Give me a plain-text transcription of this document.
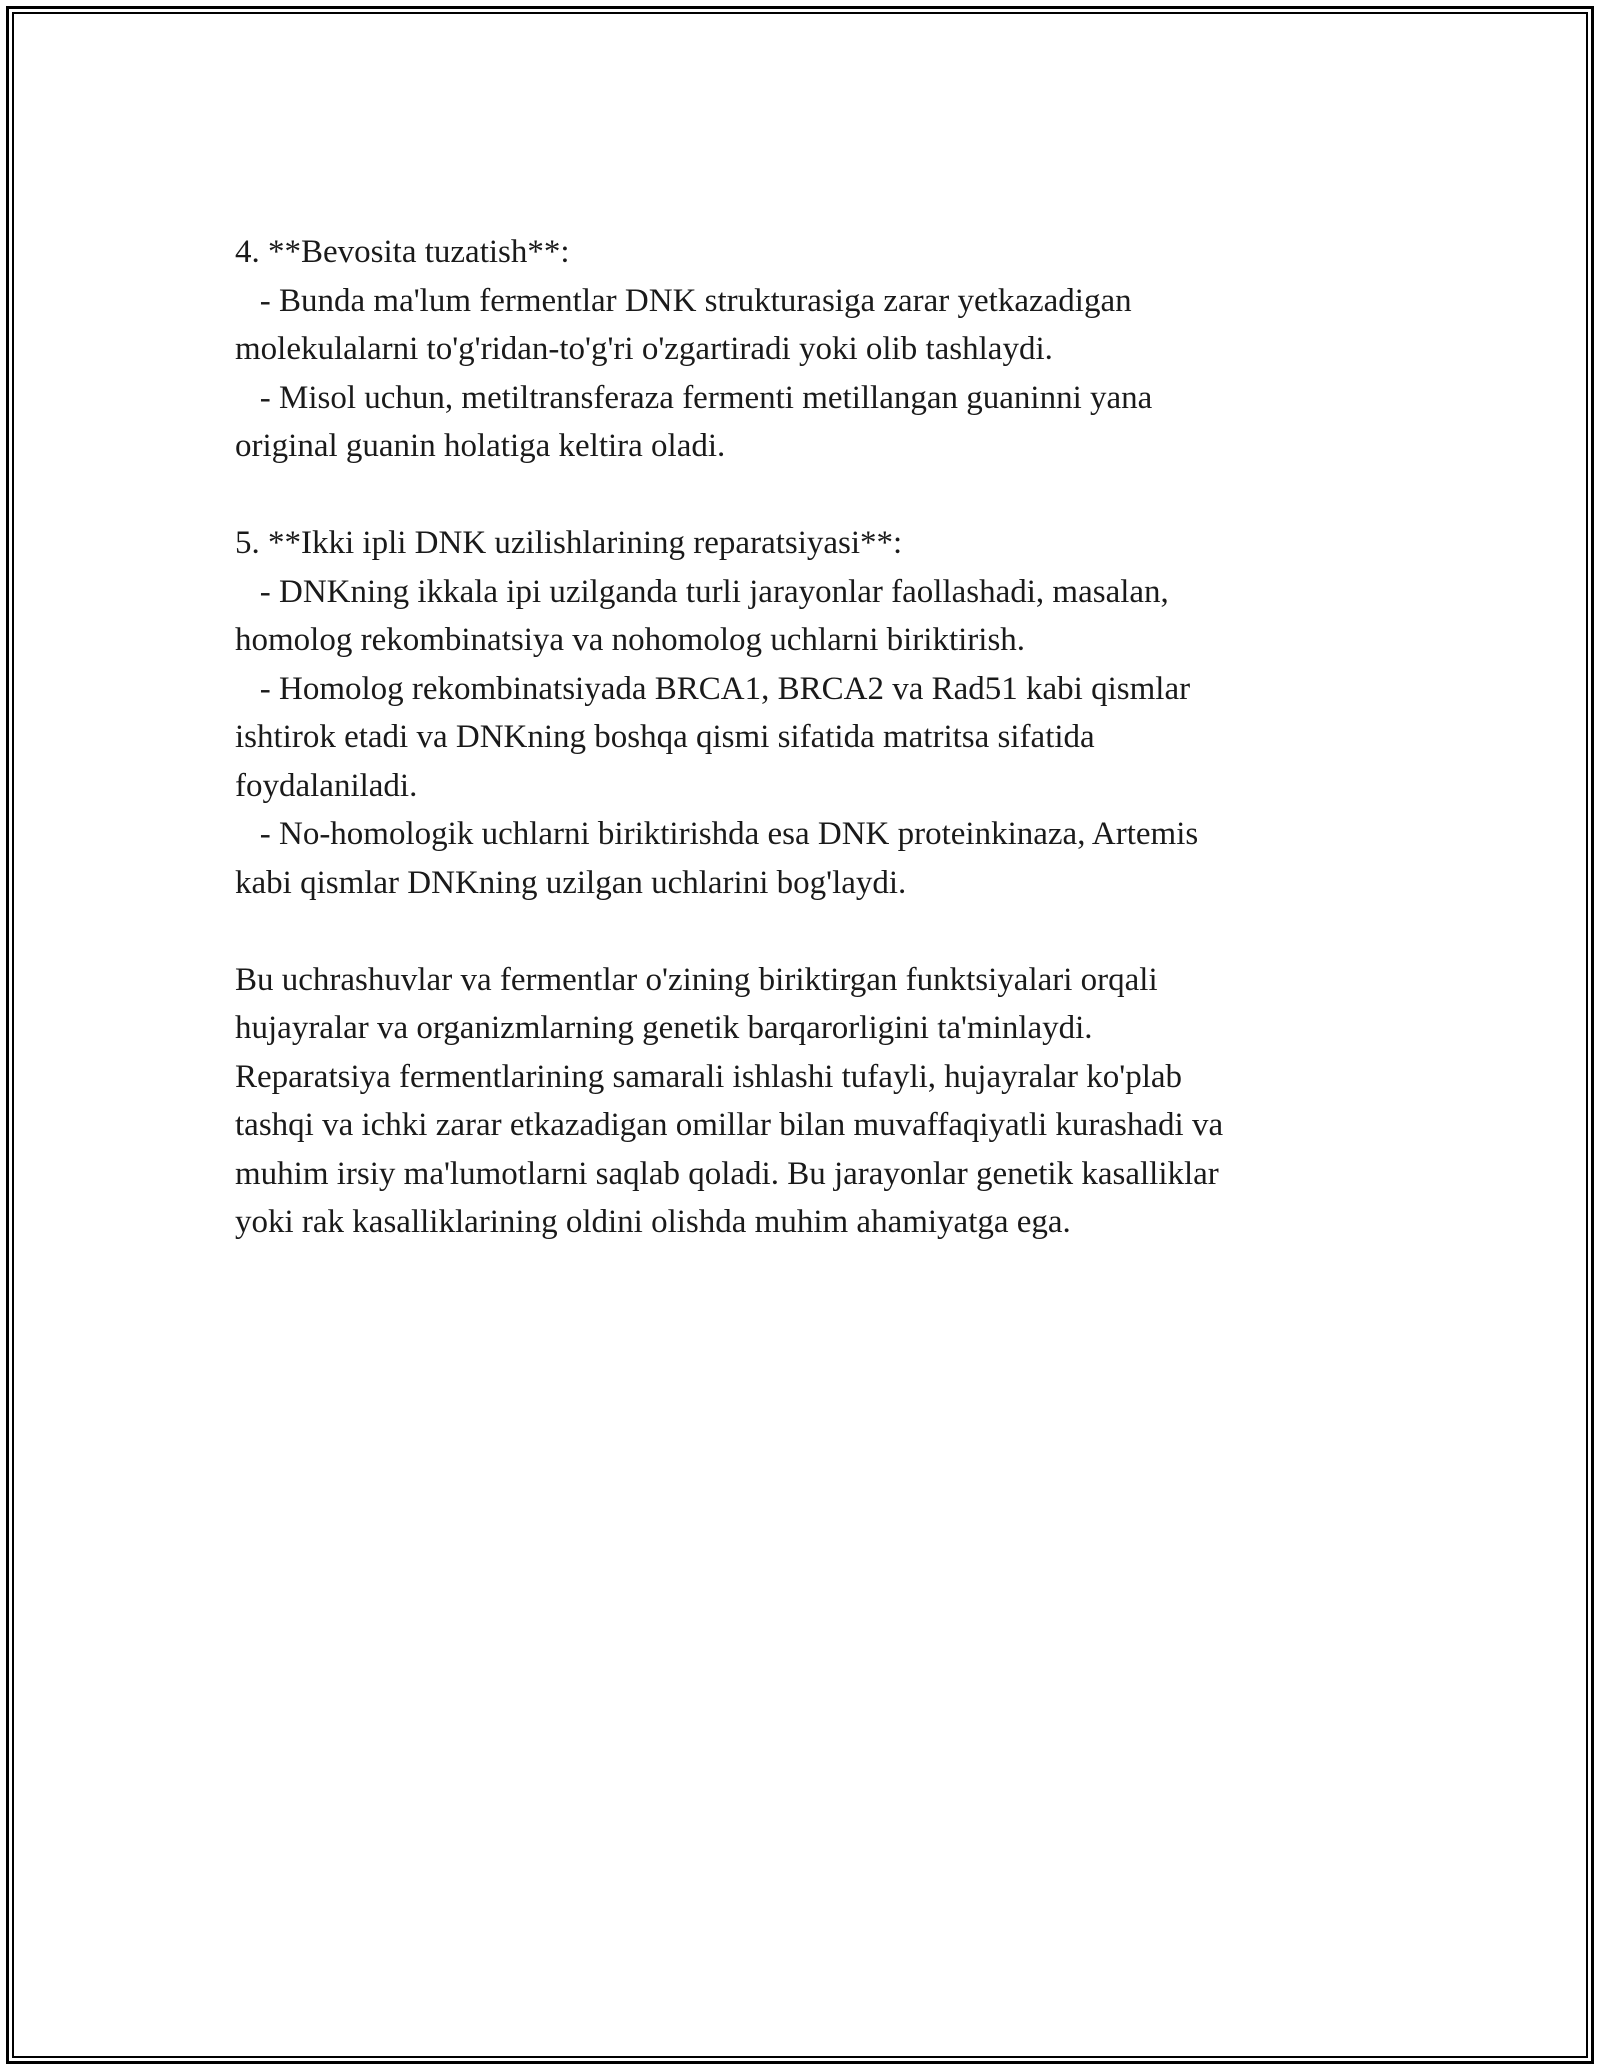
4. **Bevosita tuzatish**:
- Bunda ma'lum fermentlar DNK strukturasiga zarar yetkazadigan
molekulalarni to'g'ridan-to'g'ri o'zgartiradi yoki olib tashlaydi.
- Misol uchun, metiltransferaza fermenti metillangan guaninni yana
original guanin holatiga keltira oladi.
5. **Ikki ipli DNK uzilishlarining reparatsiyasi**:
- DNKning ikkala ipi uzilganda turli jarayonlar faollashadi, masalan,
homolog rekombinatsiya va nohomolog uchlarni biriktirish.
- Homolog rekombinatsiyada BRCA1, BRCA2 va Rad51 kabi qismlar
ishtirok etadi va DNKning boshqa qismi sifatida matritsa sifatida
foydalaniladi.
- No-homologik uchlarni biriktirishda esa DNK proteinkinaza, Artemis
kabi qismlar DNKning uzilgan uchlarini bog'laydi.
Bu uchrashuvlar va fermentlar o'zining biriktirgan funktsiyalari orqali
hujayralar va organizmlarning genetik barqarorligini ta'minlaydi.
Reparatsiya fermentlarining samarali ishlashi tufayli, hujayralar ko'plab
tashqi va ichki zarar etkazadigan omillar bilan muvaffaqiyatli kurashadi va
muhim irsiy ma'lumotlarni saqlab qoladi. Bu jarayonlar genetik kasalliklar
yoki rak kasalliklarining oldini olishda muhim ahamiyatga ega.
